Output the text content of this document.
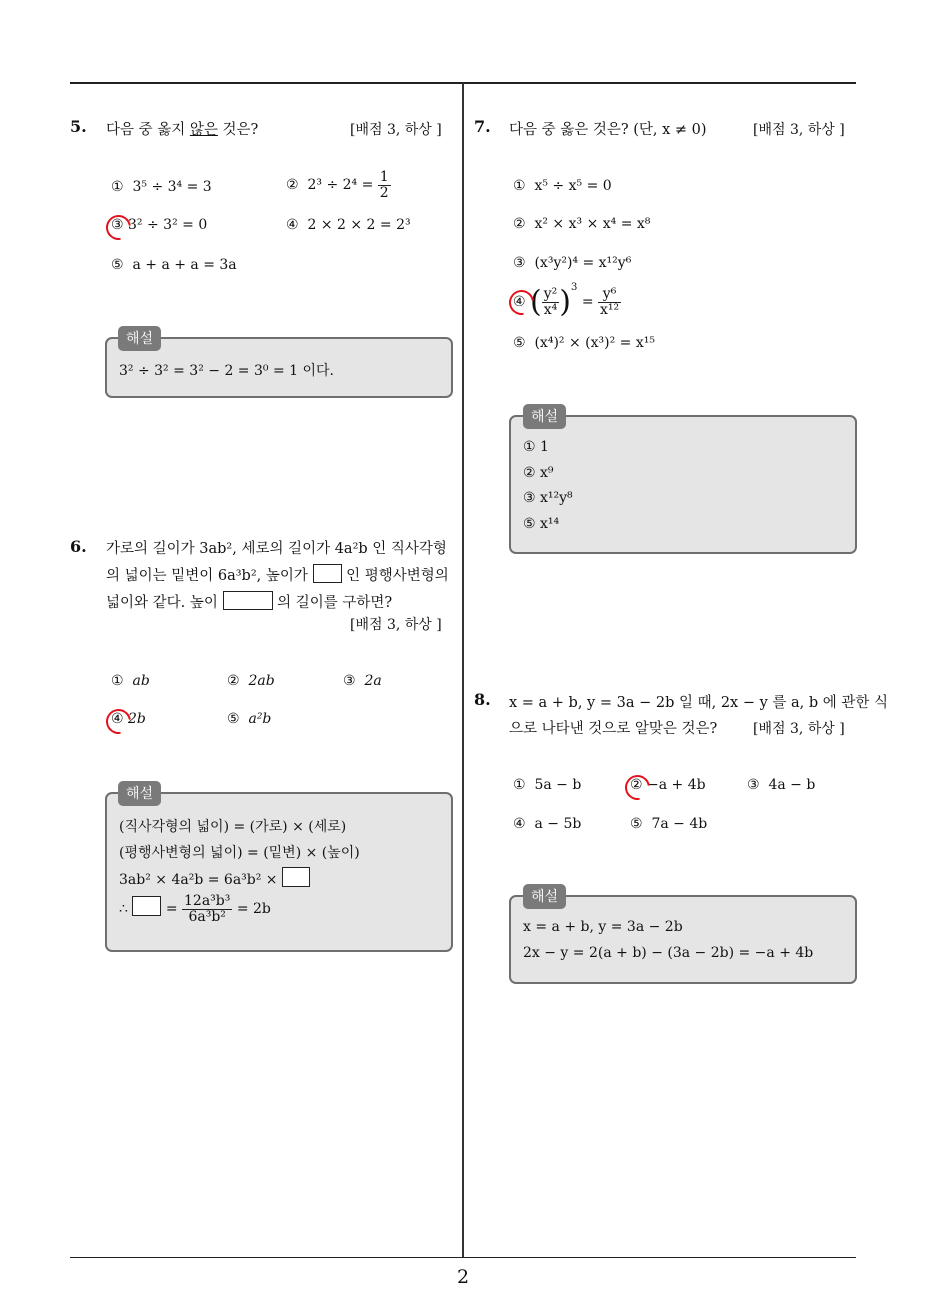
5. 다음 중 옳지 않은 것은?	[배점 3, 하상 ]
① 3⁵ ÷ 3⁴ = 3	② $2^3 \div 2^4 = \frac{1}{2}$
③ 3² ÷ 3² = 0	④ 2 × 2 × 2 = 2³
⑤ a + a + a = 3a
3² ÷ 3² = 3² − 2 = 3⁰ = 1 이다.
해설
6. 가로의 길이가 3ab², 세로의 길이가 4a²b 인 직사각형
의 넓이는 밑변이 6a³b², 높이가	인 평행사변형의
넓이와 같다. 높이	의 길이를 구하면?
[배점 3, 하상 ]
① ab	② 2ab	③ 2a
④ 2b	⑤ a²b
(직사각형의 넓이) = (가로) × (세로)
(평행사변형의 넓이) = (밑변) × (높이)
3ab² × 4a²b = 6a³b² ×
∴	= $\frac{\text{12a³b³}}{\text{6a³b²}} = 2b$
해설
7. 다음 중 옳은 것은? (단, x ≠ 0)	[배점 3, 하상 ]
① x⁵ ÷ x⁵ = 0
② x² × x³ × x⁴ = x⁸
③ (x³y²)⁴ = x¹²y⁶
④ ( $\frac{\text{y²}}{\text{x⁴}} )^3 = \frac{\text{y⁶}}{\text{x¹²}}$
⑤ (x⁴)² × (x³)² = x¹⁵
① 1
② x⁹
③ x¹²y⁸
⑤ x¹⁴
해설
8. x = a + b, y = 3a − 2b 일 때, 2x − y 를 a, b 에 관한 식
으로 나타낸 것으로 알맞은 것은?	[배점 3, 하상 ]
① 5a − b	② −a + 4b	③ 4a − b
④ a − 5b	⑤ 7a − 4b
x = a + b, y = 3a − 2b
2x − y = 2(a + b) − (3a − 2b) = −a + 4b
해설
2
